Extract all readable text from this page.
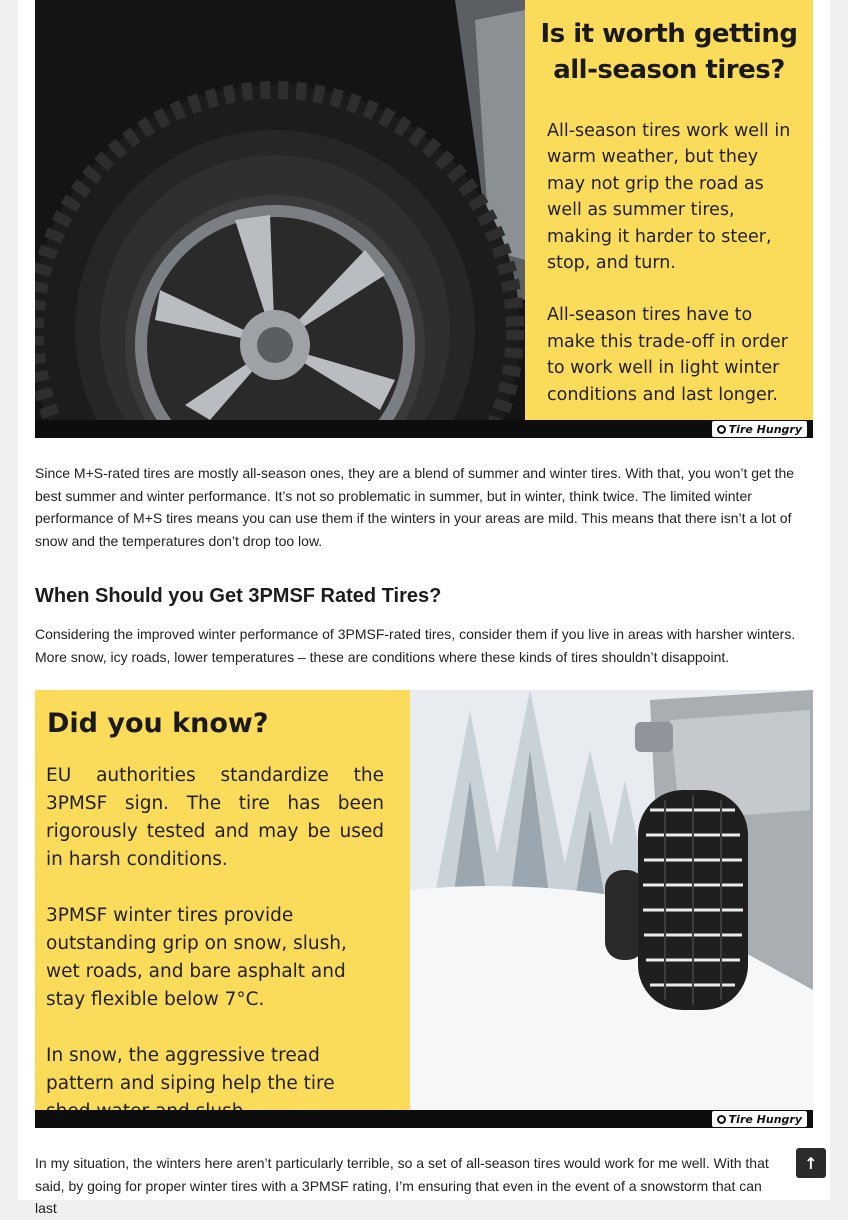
Is it worth getting all-season tires?

All-season tires work well in warm weather, but they may not grip the road as well as summer tires, making it harder to steer, stop, and turn.

All-season tires have to make this trade-off in order to work well in light winter conditions and last longer.

Tire Hungry

Since M+S-rated tires are mostly all-season ones, they are a blend of summer and winter tires. With that, you won’t get the best summer and winter performance. It’s not so problematic in summer, but in winter, think twice. The limited winter performance of M+S tires means you can use them if the winters in your areas are mild. This means that there isn’t a lot of snow and the temperatures don’t drop too low.

When Should you Get 3PMSF Rated Tires?

Considering the improved winter performance of 3PMSF-rated tires, consider them if you live in areas with harsher winters. More snow, icy roads, lower temperatures – these are conditions where these kinds of tires shouldn’t disappoint.

Did you know?

EU authorities standardize the 3PMSF sign. The tire has been rigorously tested and may be used in harsh conditions.

3PMSF winter tires provide outstanding grip on snow, slush, wet roads, and bare asphalt and stay flexible below 7°C.

In snow, the aggressive tread pattern and siping help the tire

Tire Hungry

In my situation, the winters here aren’t particularly terrible, so a set of all-season tires would work for me well. With that said, by going for proper winter tires with a 3PMSF rating, I’m ensuring that even in the event of a snowstorm that can last

↑
